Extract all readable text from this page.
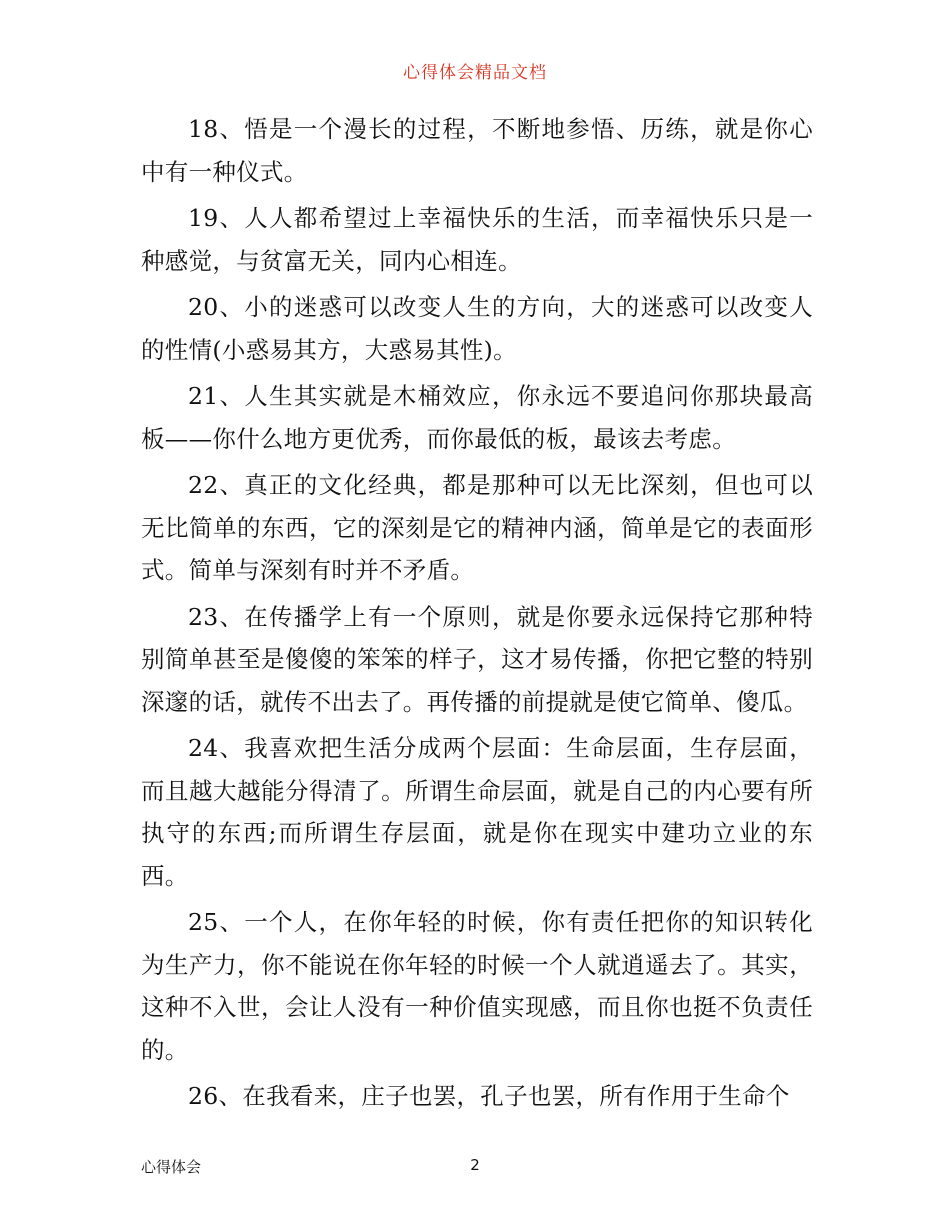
心得体会精品文档

18、悟是一个漫长的过程，不断地参悟、历练，就是你心中有一种仪式。

19、人人都希望过上幸福快乐的生活，而幸福快乐只是一种感觉，与贫富无关，同内心相连。

20、小的迷惑可以改变人生的方向，大的迷惑可以改变人的性情(小惑易其方，大惑易其性)。

21、人生其实就是木桶效应，你永远不要追问你那块最高板——你什么地方更优秀，而你最低的板，最该去考虑。

22、真正的文化经典，都是那种可以无比深刻，但也可以无比简单的东西，它的深刻是它的精神内涵，简单是它的表面形式。简单与深刻有时并不矛盾。

23、在传播学上有一个原则，就是你要永远保持它那种特别简单甚至是傻傻的笨笨的样子，这才易传播，你把它整的特别深邃的话，就传不出去了。再传播的前提就是使它简单、傻瓜。

24、我喜欢把生活分成两个层面：生命层面，生存层面，而且越大越能分得清了。所谓生命层面，就是自己的内心要有所执守的东西;而所谓生存层面，就是你在现实中建功立业的东西。

25、一个人，在你年轻的时候，你有责任把你的知识转化为生产力，你不能说在你年轻的时候一个人就逍遥去了。其实，这种不入世，会让人没有一种价值实现感，而且你也挺不负责任的。

26、在我看来，庄子也罢，孔子也罢，所有作用于生命个

心得体会	2
